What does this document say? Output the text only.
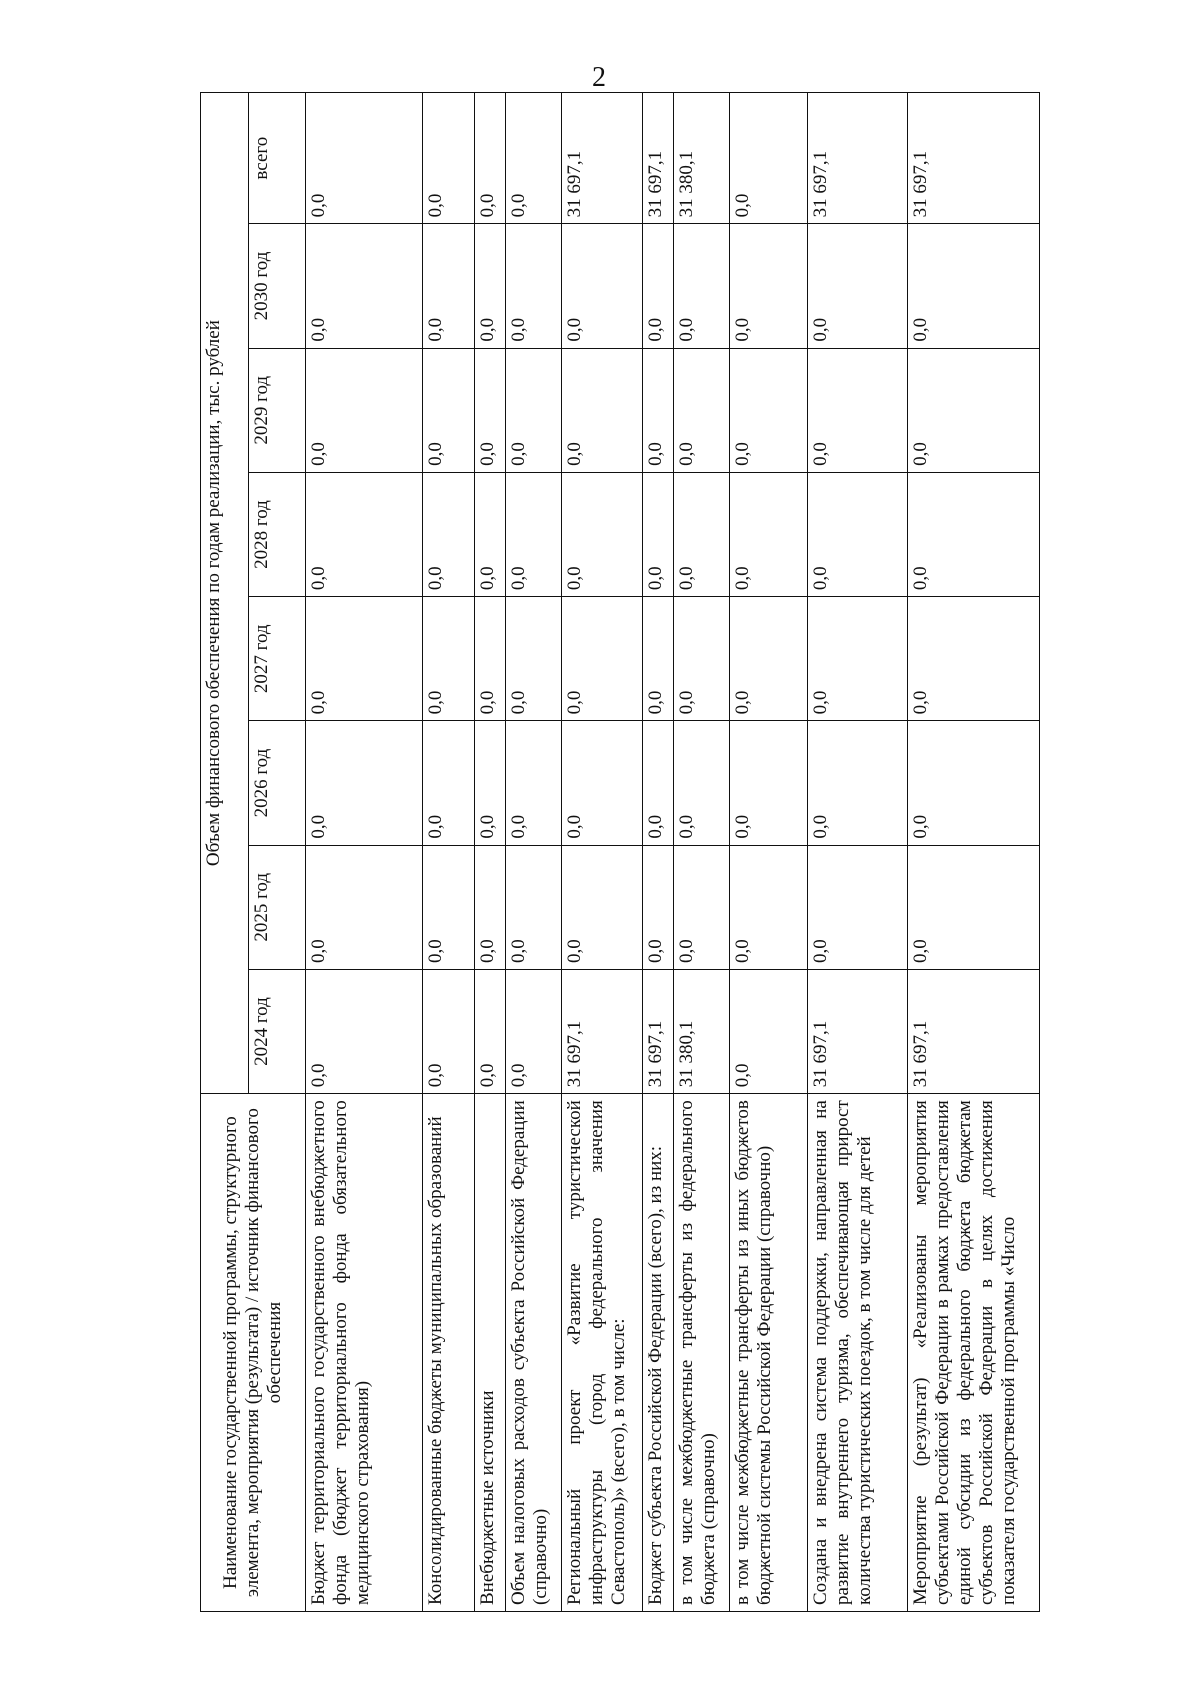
2
Наименование государственной программы, структурного элемента, мероприятия (результата) / источник финансового обеспечения	Объем финансового обеспечения по годам реализации, тыс. рублей							
	2024 год	2025 год	2026 год	2027 год	2028 год	2029 год	2030 год	всего
Бюджет территориального государственного внебюджетного фонда (бюджет территориального фонда обязательного медицинского страхования)	0,0	0,0	0,0	0,0	0,0	0,0	0,0	0,0
Консолидированные бюджеты муниципальных образований	0,0	0,0	0,0	0,0	0,0	0,0	0,0	0,0
Внебюджетные источники	0,0	0,0	0,0	0,0	0,0	0,0	0,0	0,0
Объем налоговых расходов субъекта Российской Федерации (справочно)	0,0	0,0	0,0	0,0	0,0	0,0	0,0	0,0
Региональный проект «Развитие туристической инфраструктуры (город федерального значения Севастополь)» (всего), в том числе:	31 697,1	0,0	0,0	0,0	0,0	0,0	0,0	31 697,1
Бюджет субъекта Российской Федерации (всего), из них:	31 697,1	0,0	0,0	0,0	0,0	0,0	0,0	31 697,1
в том числе межбюджетные трансферты из федерального бюджета (справочно)	31 380,1	0,0	0,0	0,0	0,0	0,0	0,0	31 380,1
в том числе межбюджетные трансферты из иных бюджетов бюджетной системы Российской Федерации (справочно)	0,0	0,0	0,0	0,0	0,0	0,0	0,0	0,0
Создана и внедрена система поддержки, направленная на развитие внутреннего туризма, обеспечивающая прирост количества туристических поездок, в том числе для детей	31 697,1	0,0	0,0	0,0	0,0	0,0	0,0	31 697,1
Мероприятие (результат) «Реализованы мероприятия субъектами Российской Федерации в рамках предоставления единой субсидии из федерального бюджета бюджетам субъектов Российской Федерации в целях достижения показателя государственной программы «Число	31 697,1	0,0	0,0	0,0	0,0	0,0	0,0	31 697,1
